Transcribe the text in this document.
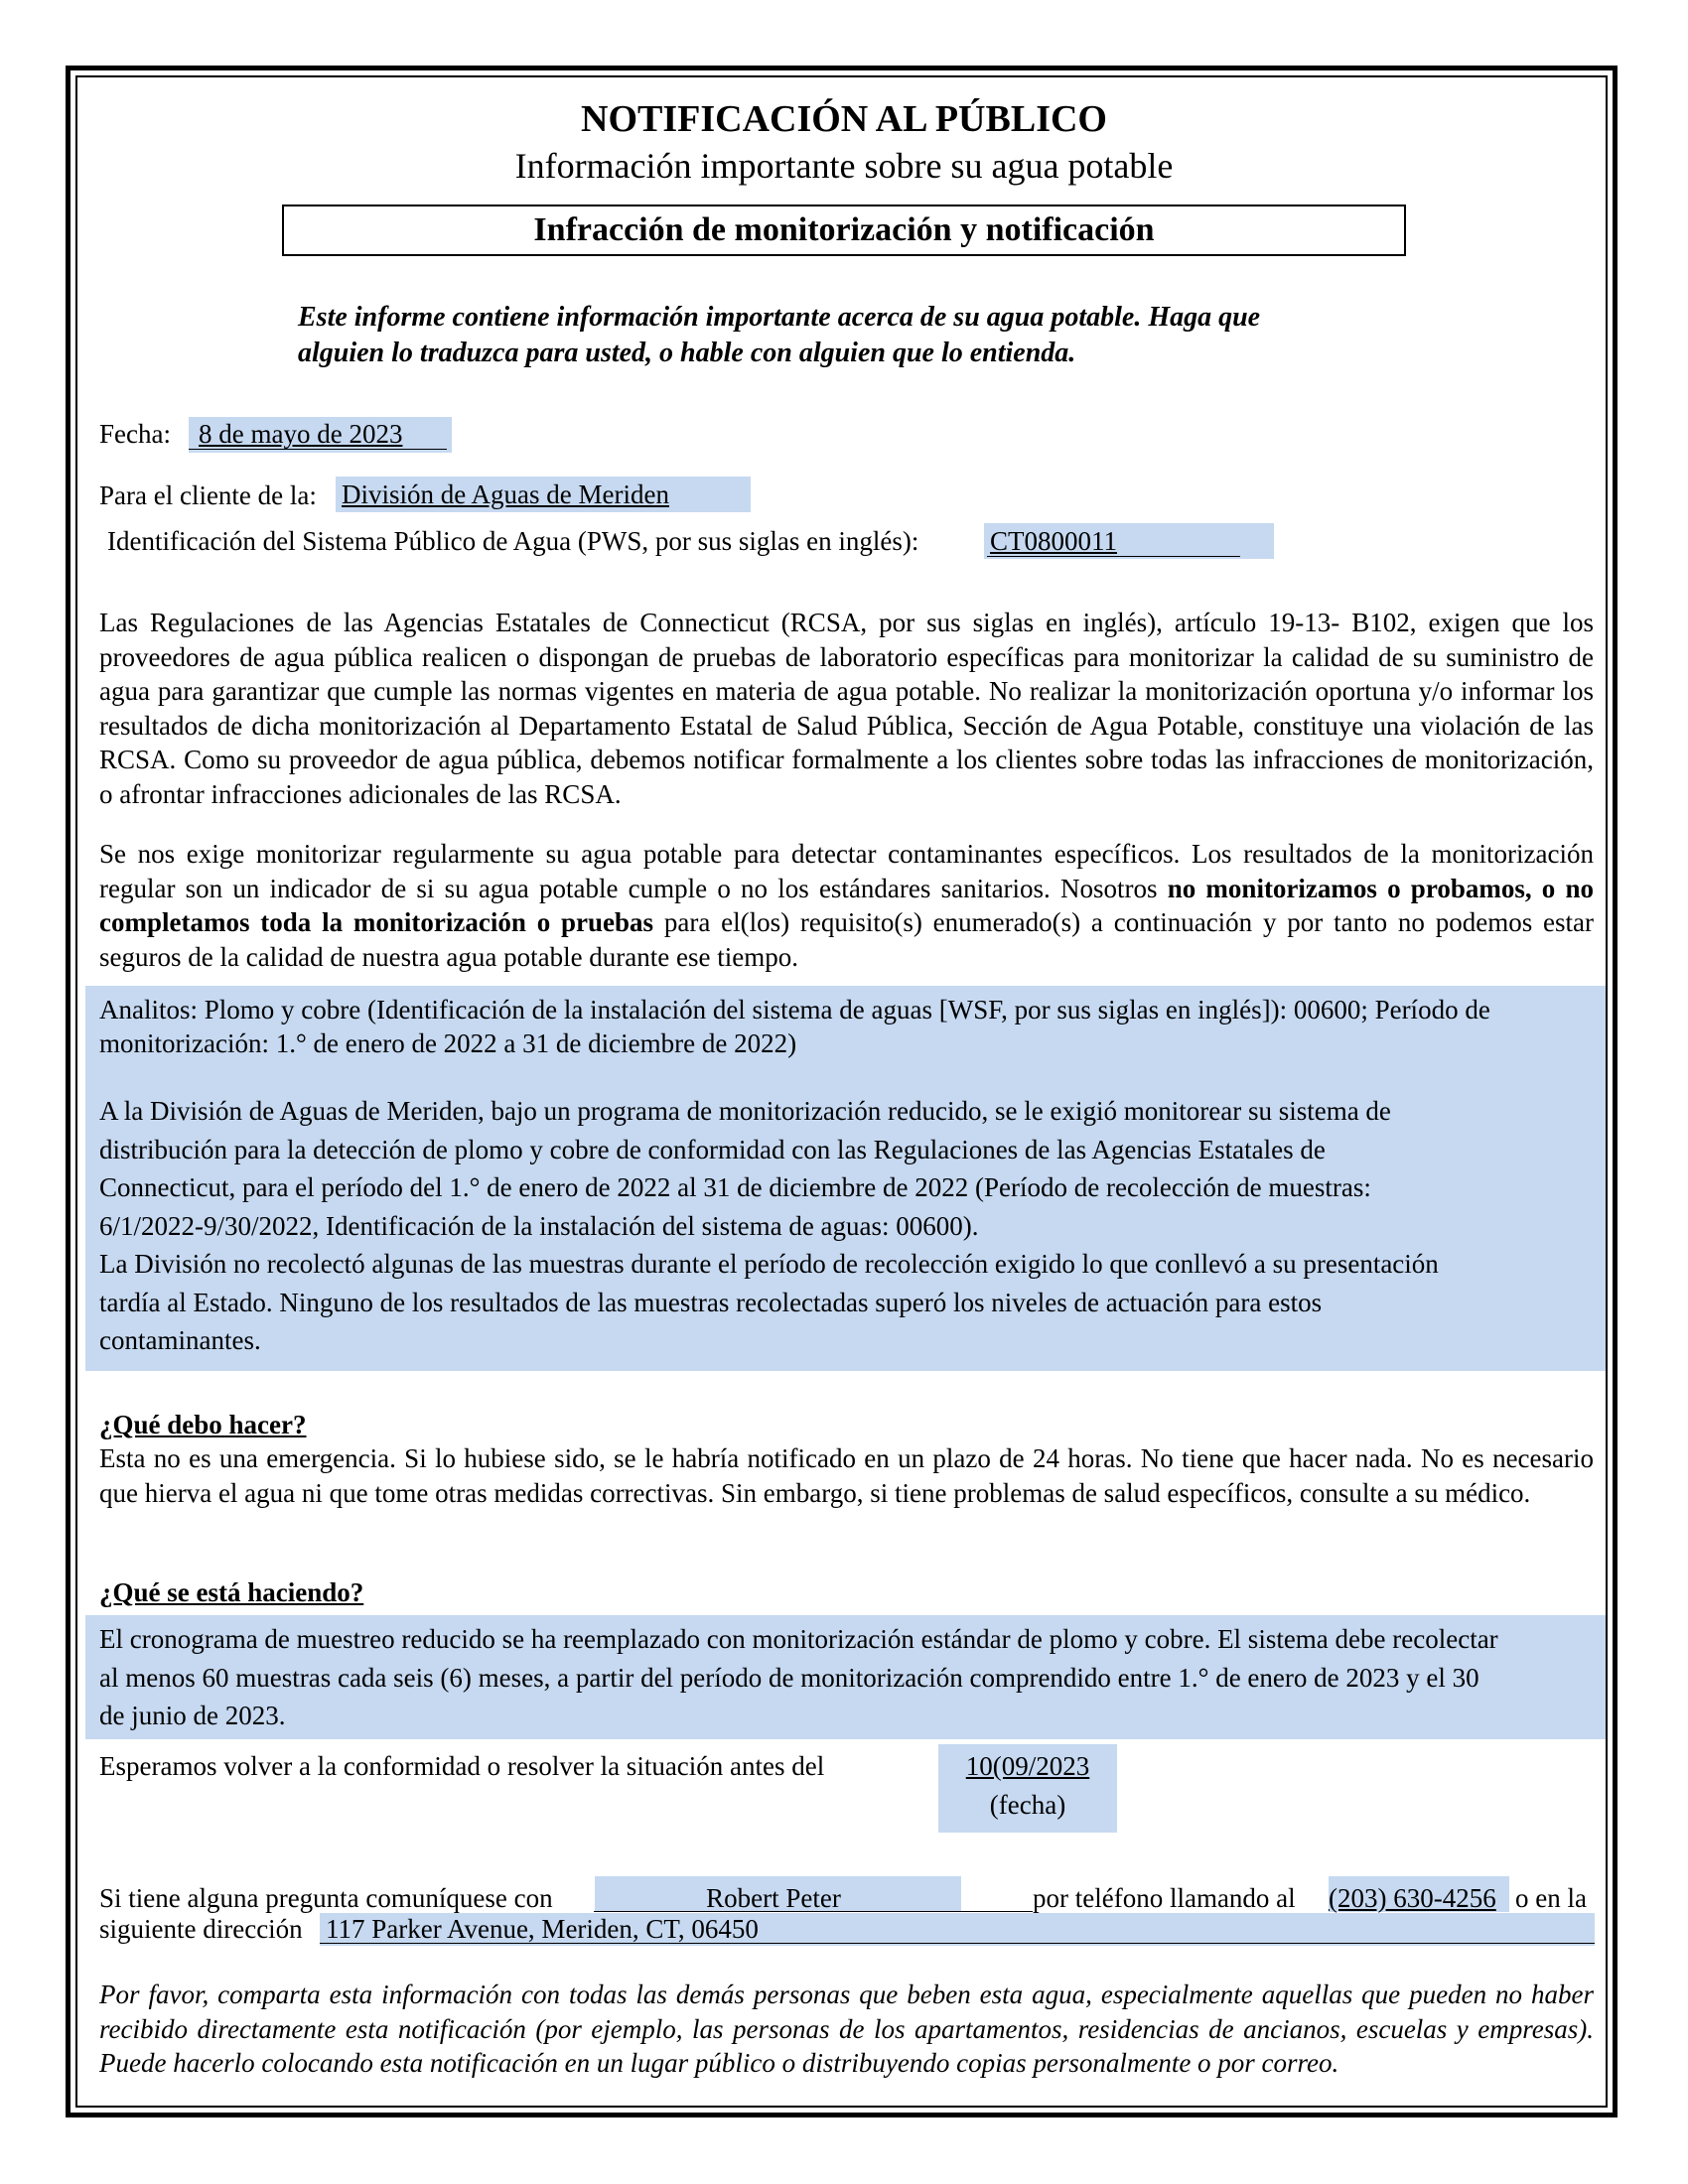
NOTIFICACIÓN AL PÚBLICO
Información importante sobre su agua potable
Infracción de monitorización y notificación
Este informe contiene información importante acerca de su agua potable. Haga que
alguien lo traduzca para usted, o hable con alguien que lo entienda.
Fecha: 8 de mayo de 2023
Para el cliente de la: División de Aguas de Meriden
Identificación del Sistema Público de Agua (PWS, por sus siglas en inglés):	CT0800011
Las Regulaciones de las Agencias Estatales de Connecticut (RCSA, por sus siglas en inglés), artículo 19-13- B102, exigen que los proveedores de agua pública realicen o dispongan de pruebas de laboratorio específicas para monitorizar la calidad de su suministro de agua para garantizar que cumple las normas vigentes en materia de agua potable. No realizar la monitorización oportuna y/o informar los resultados de dicha monitorización al Departamento Estatal de Salud Pública, Sección de Agua Potable, constituye una violación de las RCSA. Como su proveedor de agua pública, debemos notificar formalmente a los clientes sobre todas las infracciones de monitorización, o afrontar infracciones adicionales de las RCSA.
Se nos exige monitorizar regularmente su agua potable para detectar contaminantes específicos. Los resultados de la monitorización regular son un indicador de si su agua potable cumple o no los estándares sanitarios. Nosotros no monitorizamos o probamos, o no completamos toda la monitorización o pruebas para el(los) requisito(s) enumerado(s) a continuación y por tanto no podemos estar seguros de la calidad de nuestra agua potable durante ese tiempo.
Analitos: Plomo y cobre (Identificación de la instalación del sistema de aguas [WSF, por sus siglas en inglés]): 00600; Período de
monitorización: 1.° de enero de 2022 a 31 de diciembre de 2022)
A la División de Aguas de Meriden, bajo un programa de monitorización reducido, se le exigió monitorear su sistema de
distribución para la detección de plomo y cobre de conformidad con las Regulaciones de las Agencias Estatales de
Connecticut, para el período del 1.° de enero de 2022 al 31 de diciembre de 2022 (Período de recolección de muestras:
6/1/2022-9/30/2022, Identificación de la instalación del sistema de aguas: 00600).
La División no recolectó algunas de las muestras durante el período de recolección exigido lo que conllevó a su presentación
tardía al Estado. Ninguno de los resultados de las muestras recolectadas superó los niveles de actuación para estos
contaminantes.
¿Qué debo hacer?
Esta no es una emergencia. Si lo hubiese sido, se le habría notificado en un plazo de 24 horas. No tiene que hacer nada. No es necesario que hierva el agua ni que tome otras medidas correctivas. Sin embargo, si tiene problemas de salud específicos, consulte a su médico.
¿Qué se está haciendo?
El cronograma de muestreo reducido se ha reemplazado con monitorización estándar de plomo y cobre. El sistema debe recolectar
al menos 60 muestras cada seis (6) meses, a partir del período de monitorización comprendido entre 1.° de enero de 2023 y el 30
de junio de 2023.
Esperamos volver a la conformidad o resolver la situación antes del	10(09/2023
(fecha)
Si tiene alguna pregunta comuníquese con	Robert Peter	por teléfono llamando al (203) 630-4256 o en la
siguiente dirección 117 Parker Avenue, Meriden, CT, 06450
Por favor, comparta esta información con todas las demás personas que beben esta agua, especialmente aquellas que pueden no haber recibido directamente esta notificación (por ejemplo, las personas de los apartamentos, residencias de ancianos, escuelas y empresas). Puede hacerlo colocando esta notificación en un lugar público o distribuyendo copias personalmente o por correo.
